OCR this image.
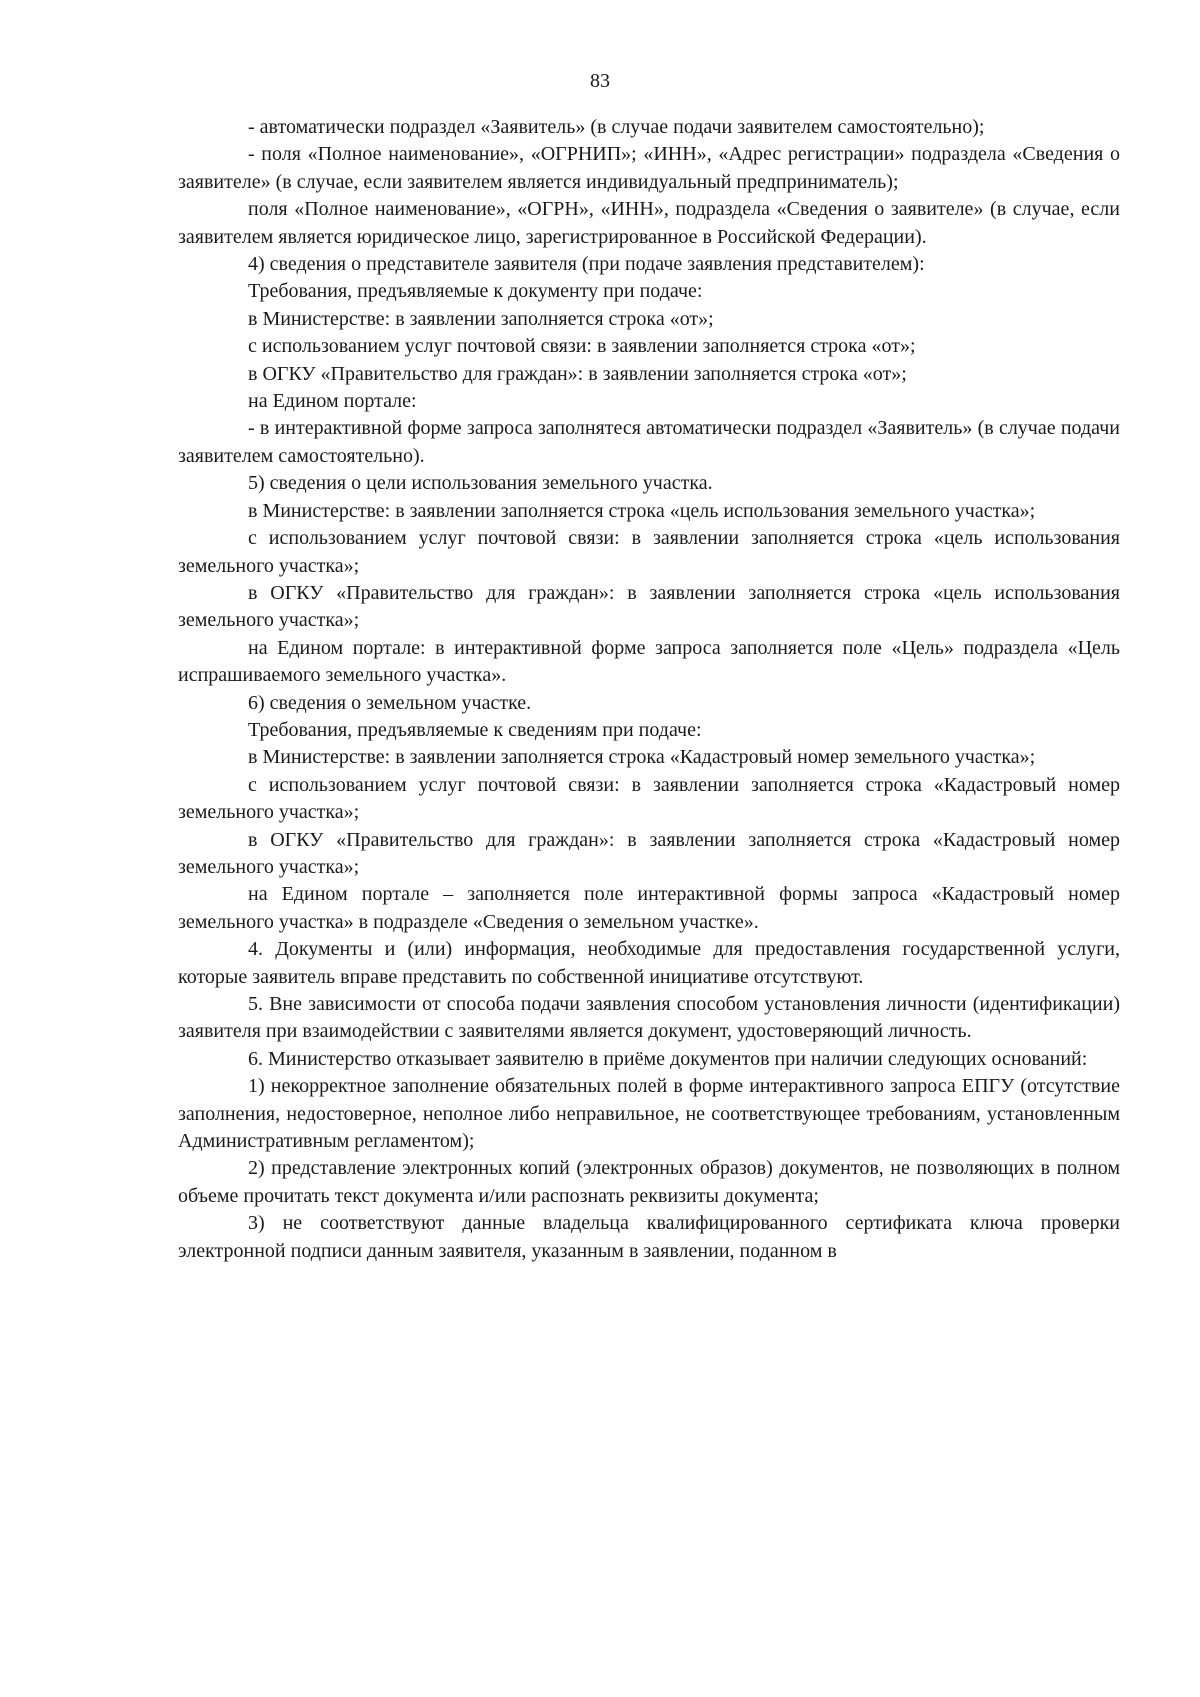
83

- автоматически подраздел «Заявитель» (в случае подачи заявителем самостоятельно);

- поля «Полное наименование», «ОГРНИП»; «ИНН», «Адрес регистрации» подраздела «Сведения о заявителе» (в случае, если заявителем является индивидуальный предприниматель);

поля «Полное наименование», «ОГРН», «ИНН», подраздела «Сведения о заявителе» (в случае, если заявителем является юридическое лицо, зарегистрированное в Российской Федерации).

4) сведения о представителе заявителя (при подаче заявления представителем):

Требования, предъявляемые к документу при подаче:

в Министерстве: в заявлении заполняется строка «от»;

с использованием услуг почтовой связи: в заявлении заполняется строка «от»;

в ОГКУ «Правительство для граждан»: в заявлении заполняется строка «от»;

на Едином портале:

- в интерактивной форме запроса заполнятеся автоматически подраздел «Заявитель» (в случае подачи заявителем самостоятельно).

5) сведения о цели использования земельного участка.

в Министерстве: в заявлении заполняется строка «цель использования земельного участка»;

с использованием услуг почтовой связи: в заявлении заполняется строка «цель использования земельного участка»;

в ОГКУ «Правительство для граждан»: в заявлении заполняется строка «цель использования земельного участка»;

на Едином портале: в интерактивной форме запроса заполняется поле «Цель» подраздела «Цель испрашиваемого земельного участка».

6) сведения о земельном участке.

Требования, предъявляемые к сведениям при подаче:

в Министерстве: в заявлении заполняется строка «Кадастровый номер земельного участка»;

с использованием услуг почтовой связи: в заявлении заполняется строка «Кадастровый номер земельного участка»;

в ОГКУ «Правительство для граждан»: в заявлении заполняется строка «Кадастровый номер земельного участка»;

на Едином портале – заполняется поле интерактивной формы запроса «Кадастровый номер земельного участка» в подразделе «Сведения о земельном участке».

4. Документы и (или) информация, необходимые для предоставления государственной услуги, которые заявитель вправе представить по собственной инициативе отсутствуют.

5. Вне зависимости от способа подачи заявления способом установления личности (идентификации) заявителя при взаимодействии с заявителями является документ, удостоверяющий личность.

6. Министерство отказывает заявителю в приёме документов при наличии следующих оснований:

1) некорректное заполнение обязательных полей в форме интерактивного запроса ЕПГУ (отсутствие заполнения, недостоверное, неполное либо неправильное, не соответствующее требованиям, установленным Административным регламентом);

2) представление электронных копий (электронных образов) документов, не позволяющих в полном объеме прочитать текст документа и/или распознать реквизиты документа;

3) не соответствуют данные владельца квалифицированного сертификата ключа проверки электронной подписи данным заявителя, указанным в заявлении, поданном в
